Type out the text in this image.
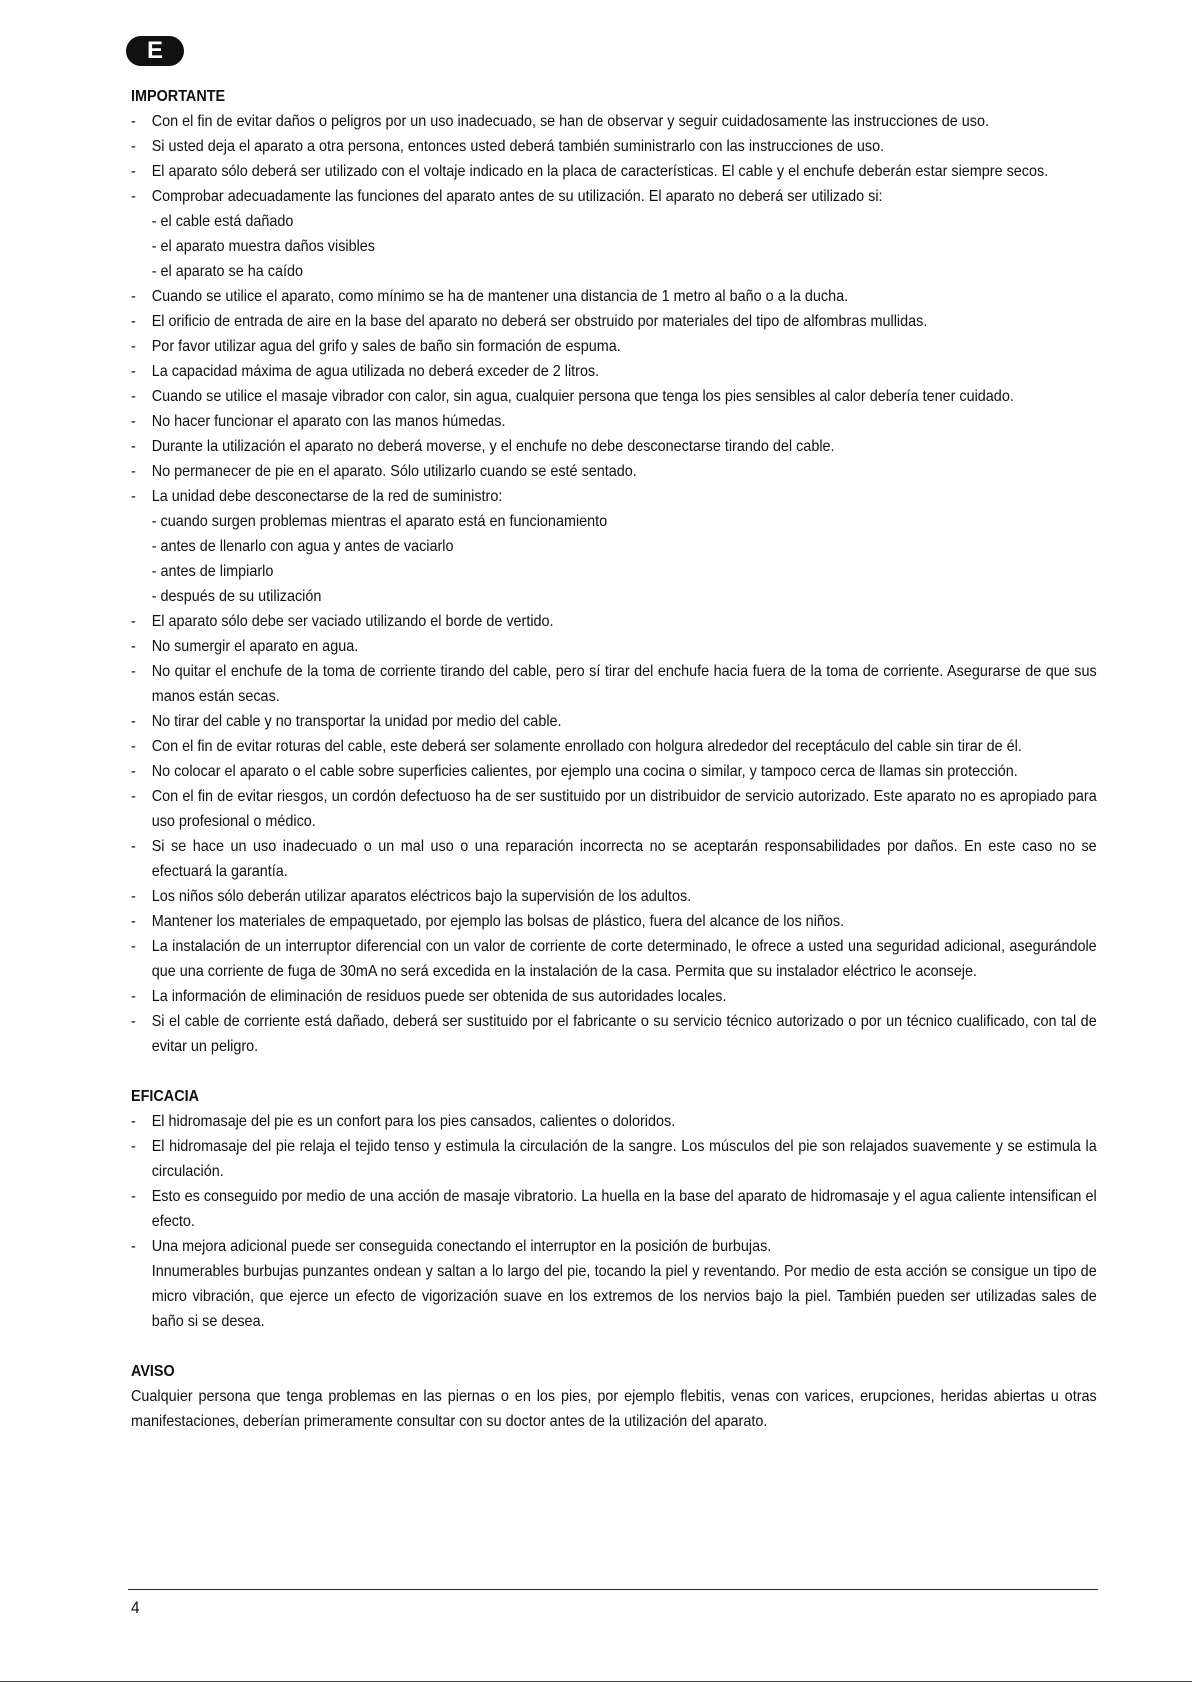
E
IMPORTANTE
- Con el fin de evitar daños o peligros por un uso inadecuado, se han de observar y seguir cuidadosamente las instrucciones de uso.
- Si usted deja el aparato a otra persona, entonces usted deberá también suministrarlo con las instrucciones de uso.
- El aparato sólo deberá ser utilizado con el voltaje indicado en la placa de características. El cable y el enchufe deberán estar siempre secos.
- Comprobar adecuadamente las funciones del aparato antes de su utilización. El aparato no deberá ser utilizado si:
- el cable está dañado
- el aparato muestra daños visibles
- el aparato se ha caído
- Cuando se utilice el aparato, como mínimo se ha de mantener una distancia de 1 metro al baño o a la ducha.
- El orificio de entrada de aire en la base del aparato no deberá ser obstruido por materiales del tipo de alfombras mullidas.
- Por favor utilizar agua del grifo y sales de baño sin formación de espuma.
- La capacidad máxima de agua utilizada no deberá exceder de 2 litros.
- Cuando se utilice el masaje vibrador con calor, sin agua, cualquier persona que tenga los pies sensibles al calor debería tener cuidado.
- No hacer funcionar el aparato con las manos húmedas.
- Durante la utilización el aparato no deberá moverse, y el enchufe no debe desconectarse tirando del cable.
- No permanecer de pie en el aparato. Sólo utilizarlo cuando se esté sentado.
- La unidad debe desconectarse de la red de suministro:
- cuando surgen problemas mientras el aparato está en funcionamiento
- antes de llenarlo con agua y antes de vaciarlo
- antes de limpiarlo
- después de su utilización
- El aparato sólo debe ser vaciado utilizando el borde de vertido.
- No sumergir el aparato en agua.
- No quitar el enchufe de la toma de corriente tirando del cable, pero sí tirar del enchufe hacia fuera de la toma de corriente. Asegurarse de que sus manos están secas.
- No tirar del cable y no transportar la unidad por medio del cable.
- Con el fin de evitar roturas del cable, este deberá ser solamente enrollado con holgura alrededor del receptáculo del cable sin tirar de él.
- No colocar el aparato o el cable sobre superficies calientes, por ejemplo una cocina o similar, y tampoco cerca de llamas sin protección.
- Con el fin de evitar riesgos, un cordón defectuoso ha de ser sustituido por un distribuidor de servicio autorizado. Este aparato no es apropiado para uso profesional o médico.
- Si se hace un uso inadecuado o un mal uso o una reparación incorrecta no se aceptarán responsabilidades por daños. En este caso no se efectuará la garantía.
- Los niños sólo deberán utilizar aparatos eléctricos bajo la supervisión de los adultos.
- Mantener los materiales de empaquetado, por ejemplo las bolsas de plástico, fuera del alcance de los niños.
- La instalación de un interruptor diferencial con un valor de corriente de corte determinado, le ofrece a usted una seguridad adicional, asegurándole que una corriente de fuga de 30mA no será excedida en la instalación de la casa. Permita que su instalador eléctrico le aconseje.
- La información de eliminación de residuos puede ser obtenida de sus autoridades locales.
- Si el cable de corriente está dañado, deberá ser sustituido por el fabricante o su servicio técnico autorizado o por un técnico cualificado, con tal de evitar un peligro.
EFICACIA
- El hidromasaje del pie es un confort para los pies cansados, calientes o doloridos.
- El hidromasaje del pie relaja el tejido tenso y estimula la circulación de la sangre. Los músculos del pie son relajados suavemente y se estimula la circulación.
- Esto es conseguido por medio de una acción de masaje vibratorio. La huella en la base del aparato de hidromasaje y el agua caliente intensifican el efecto.
- Una mejora adicional puede ser conseguida conectando el interruptor en la posición de burbujas.
Innumerables burbujas punzantes ondean y saltan a lo largo del pie, tocando la piel y reventando. Por medio de esta acción se consigue un tipo de micro vibración, que ejerce un efecto de vigorización suave en los extremos de los nervios bajo la piel. También pueden ser utilizadas sales de baño si se desea.
AVISO

Cualquier persona que tenga problemas en las piernas o en los pies, por ejemplo flebitis, venas con varices, erupciones, heridas abiertas u otras manifestaciones, deberían primeramente consultar con su doctor antes de la utilización del aparato.

4
